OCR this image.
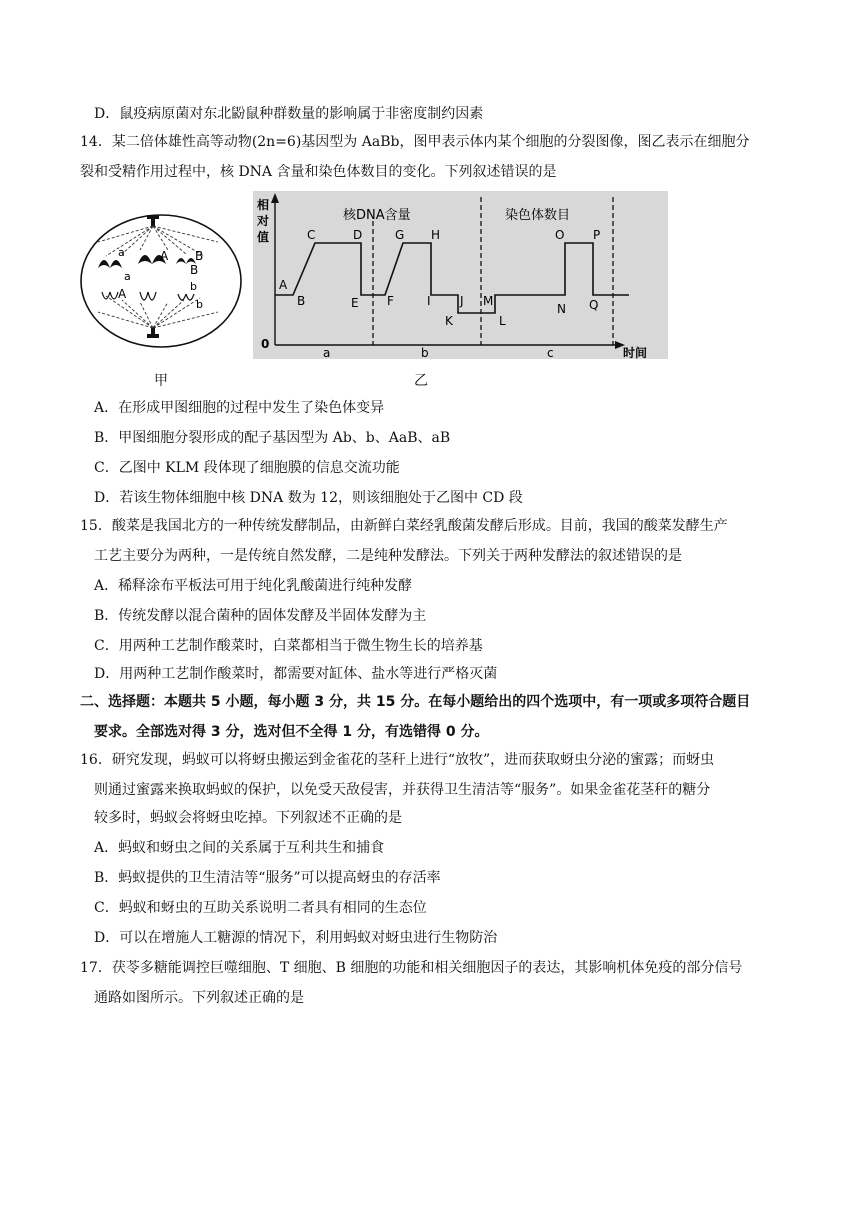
D．鼠疫病原菌对东北鼢鼠种群数量的影响属于非密度制约因素
14．某二倍体雄性高等动物(2n=6)基因型为 AaBb，图甲表示体内某个细胞的分裂图像，图乙表示在细胞分
裂和受精作用过程中，核 DNA 含量和染色体数目的变化。下列叙述错误的是
a	A B
a
A
B
b
b
相
对
值
0
时间
核DNA含量	染色体数目
A
B
C	D
E F
G H
I J
K	L
M
N
O P
Q
a	b	c
甲	乙
A．在形成甲图细胞的过程中发生了染色体变异
B．甲图细胞分裂形成的配子基因型为 Ab、b、AaB、aB
C．乙图中 KLM 段体现了细胞膜的信息交流功能
D．若该生物体细胞中核 DNA 数为 12，则该细胞处于乙图中 CD 段
15．酸菜是我国北方的一种传统发酵制品，由新鲜白菜经乳酸菌发酵后形成。目前，我国的酸菜发酵生产
工艺主要分为两种，一是传统自然发酵，二是纯种发酵法。下列关于两种发酵法的叙述错误的是
A．稀释涂布平板法可用于纯化乳酸菌进行纯种发酵
B．传统发酵以混合菌种的固体发酵及半固体发酵为主
C．用两种工艺制作酸菜时，白菜都相当于微生物生长的培养基
D．用两种工艺制作酸菜时，都需要对缸体、盐水等进行严格灭菌
二、选择题：本题共 5 小题，每小题 3 分，共 15 分。在每小题给出的四个选项中，有一项或多项符合题目
要求。全部选对得 3 分，选对但不全得 1 分，有选错得 0 分。
16．研究发现，蚂蚁可以将蚜虫搬运到金雀花的茎秆上进行“放牧”，进而获取蚜虫分泌的蜜露；而蚜虫
则通过蜜露来换取蚂蚁的保护，以免受天敌侵害，并获得卫生清洁等“服务”。如果金雀花茎秆的糖分
较多时，蚂蚁会将蚜虫吃掉。下列叙述不正确的是
A．蚂蚁和蚜虫之间的关系属于互利共生和捕食
B．蚂蚁提供的卫生清洁等“服务”可以提高蚜虫的存活率
C．蚂蚁和蚜虫的互助关系说明二者具有相同的生态位
D．可以在增施人工糖源的情况下，利用蚂蚁对蚜虫进行生物防治
17．茯苓多糖能调控巨噬细胞、T 细胞、B 细胞的功能和相关细胞因子的表达，其影响机体免疫的部分信号
通路如图所示。下列叙述正确的是
